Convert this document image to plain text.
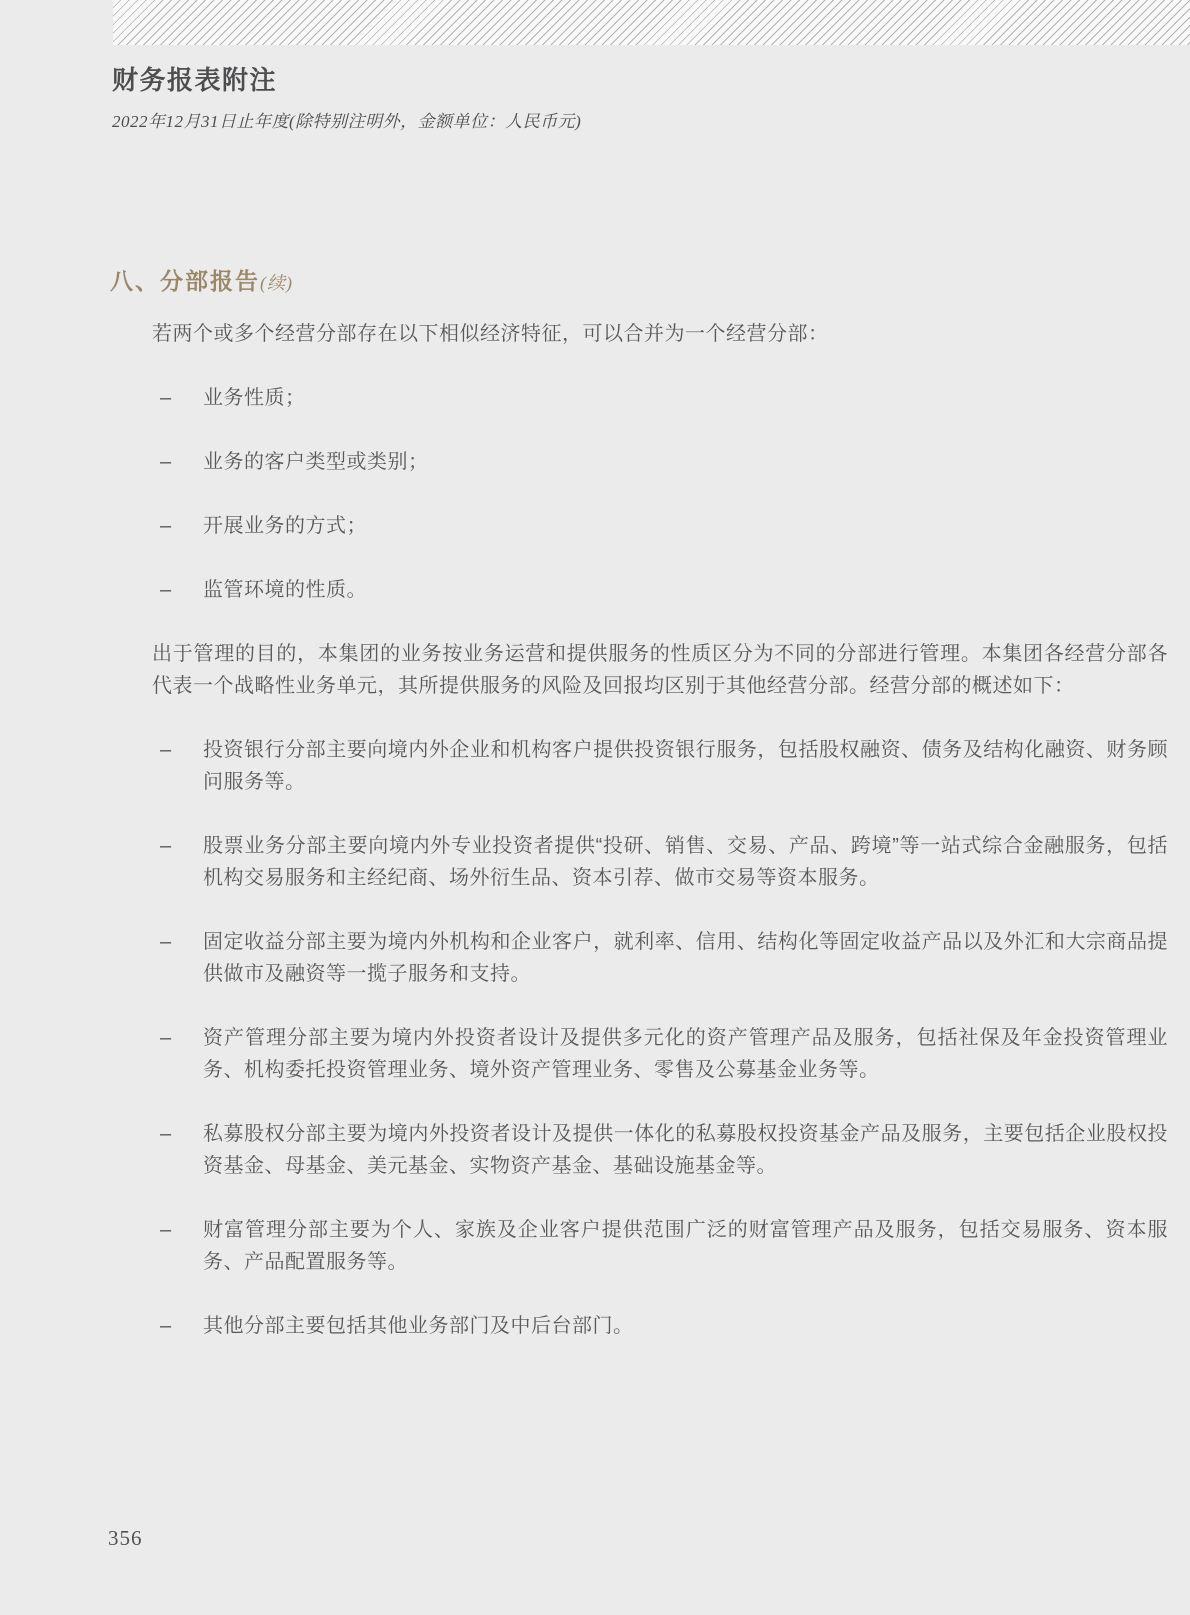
财务报表附注

2022年12月31日止年度(除特别注明外，金额单位：人民币元)

八、分部报告(续)

若两个或多个经营分部存在以下相似经济特征，可以合并为一个经营分部：

– 业务性质；
– 业务的客户类型或类别；
– 开展业务的方式；
– 监管环境的性质。

出于管理的目的，本集团的业务按业务运营和提供服务的性质区分为不同的分部进行管理。本集团各经营分部各代表一个战略性业务单元，其所提供服务的风险及回报均区别于其他经营分部。经营分部的概述如下：

– 投资银行分部主要向境内外企业和机构客户提供投资银行服务，包括股权融资、债务及结构化融资、财务顾问服务等。
– 股票业务分部主要向境内外专业投资者提供“投研、销售、交易、产品、跨境”等一站式综合金融服务，包括机构交易服务和主经纪商、场外衍生品、资本引荐、做市交易等资本服务。
– 固定收益分部主要为境内外机构和企业客户，就利率、信用、结构化等固定收益产品以及外汇和大宗商品提供做市及融资等一揽子服务和支持。
– 资产管理分部主要为境内外投资者设计及提供多元化的资产管理产品及服务，包括社保及年金投资管理业务、机构委托投资管理业务、境外资产管理业务、零售及公募基金业务等。
– 私募股权分部主要为境内外投资者设计及提供一体化的私募股权投资基金产品及服务，主要包括企业股权投资基金、母基金、美元基金、实物资产基金、基础设施基金等。
– 财富管理分部主要为个人、家族及企业客户提供范围广泛的财富管理产品及服务，包括交易服务、资本服务、产品配置服务等。
– 其他分部主要包括其他业务部门及中后台部门。
356
